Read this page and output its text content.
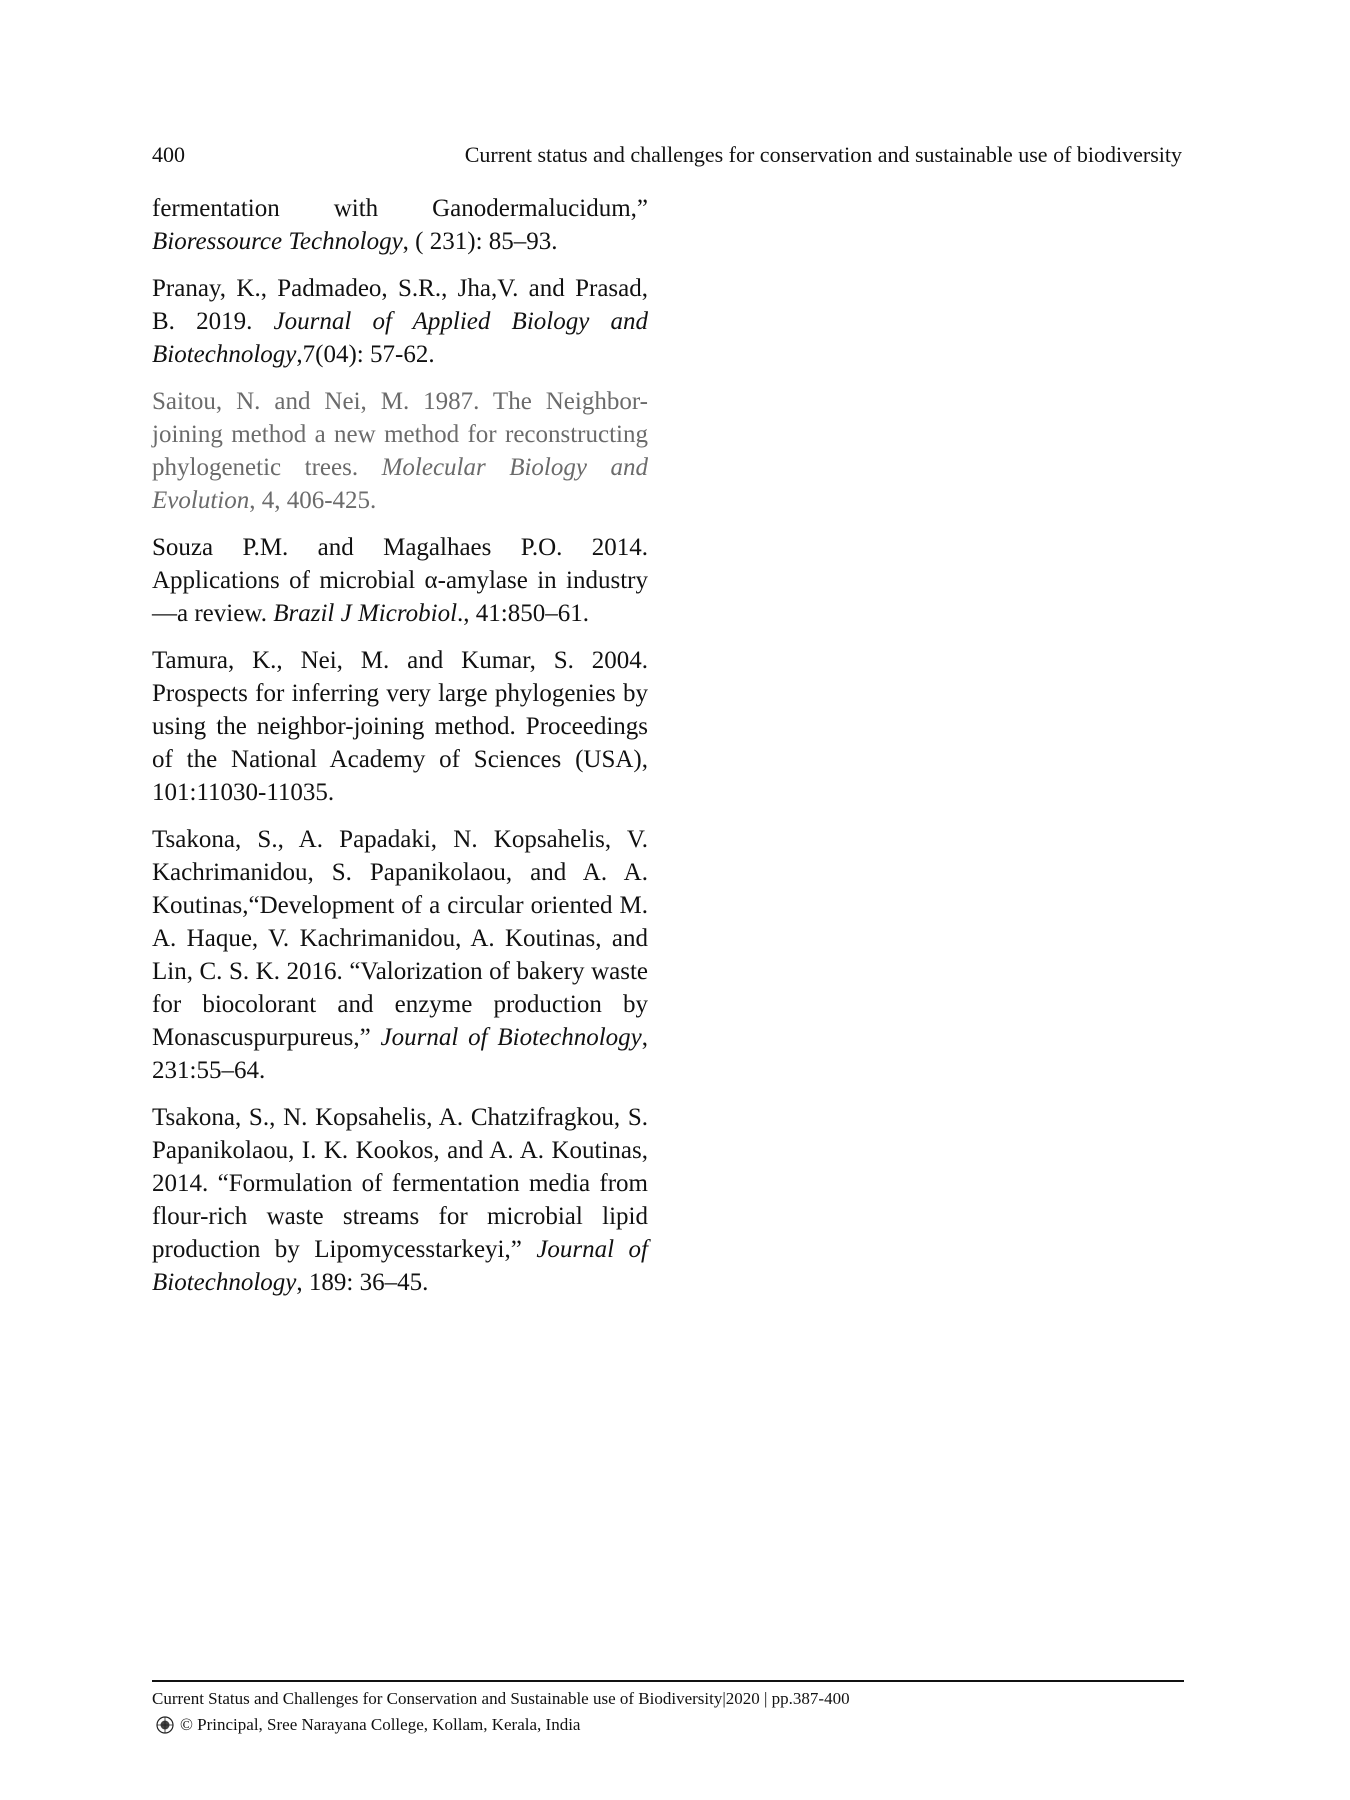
400	Current status and challenges for conservation and sustainable use of biodiversity

fermentation with Ganodermalucidum,” Bioressource Technology, ( 231): 85–93.

Pranay, K., Padmadeo, S.R., Jha,V. and Prasad, B. 2019. Journal of Applied Biology and Biotechnology,7(04): 57-62.

Saitou, N. and Nei, M. 1987. The Neighbor-joining method a new method for reconstructing phylogenetic trees. Molecular Biology and Evolution, 4, 406-425.

Souza P.M. and Magalhaes P.O. 2014. Applications of microbial α-amylase in industry—a review. Brazil J Microbiol., 41:850–61.

Tamura, K., Nei, M. and Kumar, S. 2004. Prospects for inferring very large phylogenies by using the neighbor-joining method. Proceedings of the National Academy of Sciences (USA), 101:11030-11035.

Tsakona, S., A. Papadaki, N. Kopsahelis, V. Kachrimanidou, S. Papanikolaou, and A. A. Koutinas,“Development of a circular oriented M. A. Haque, V. Kachrimanidou, A. Koutinas, and Lin, C. S. K. 2016. “Valorization of bakery waste for biocolorant and enzyme production by Monascuspurpureus,” Journal of Biotechnology, 231:55–64.

Tsakona, S., N. Kopsahelis, A. Chatzifragkou, S. Papanikolaou, I. K. Kookos, and A. A. Koutinas, 2014. “Formulation of fermentation media from flour-rich waste streams for microbial lipid production by Lipomycesstarkeyi,” Journal of Biotechnology, 189: 36–45.

Current Status and Challenges for Conservation and Sustainable use of Biodiversity|2020 | pp.387-400
© Principal, Sree Narayana College, Kollam, Kerala, India
